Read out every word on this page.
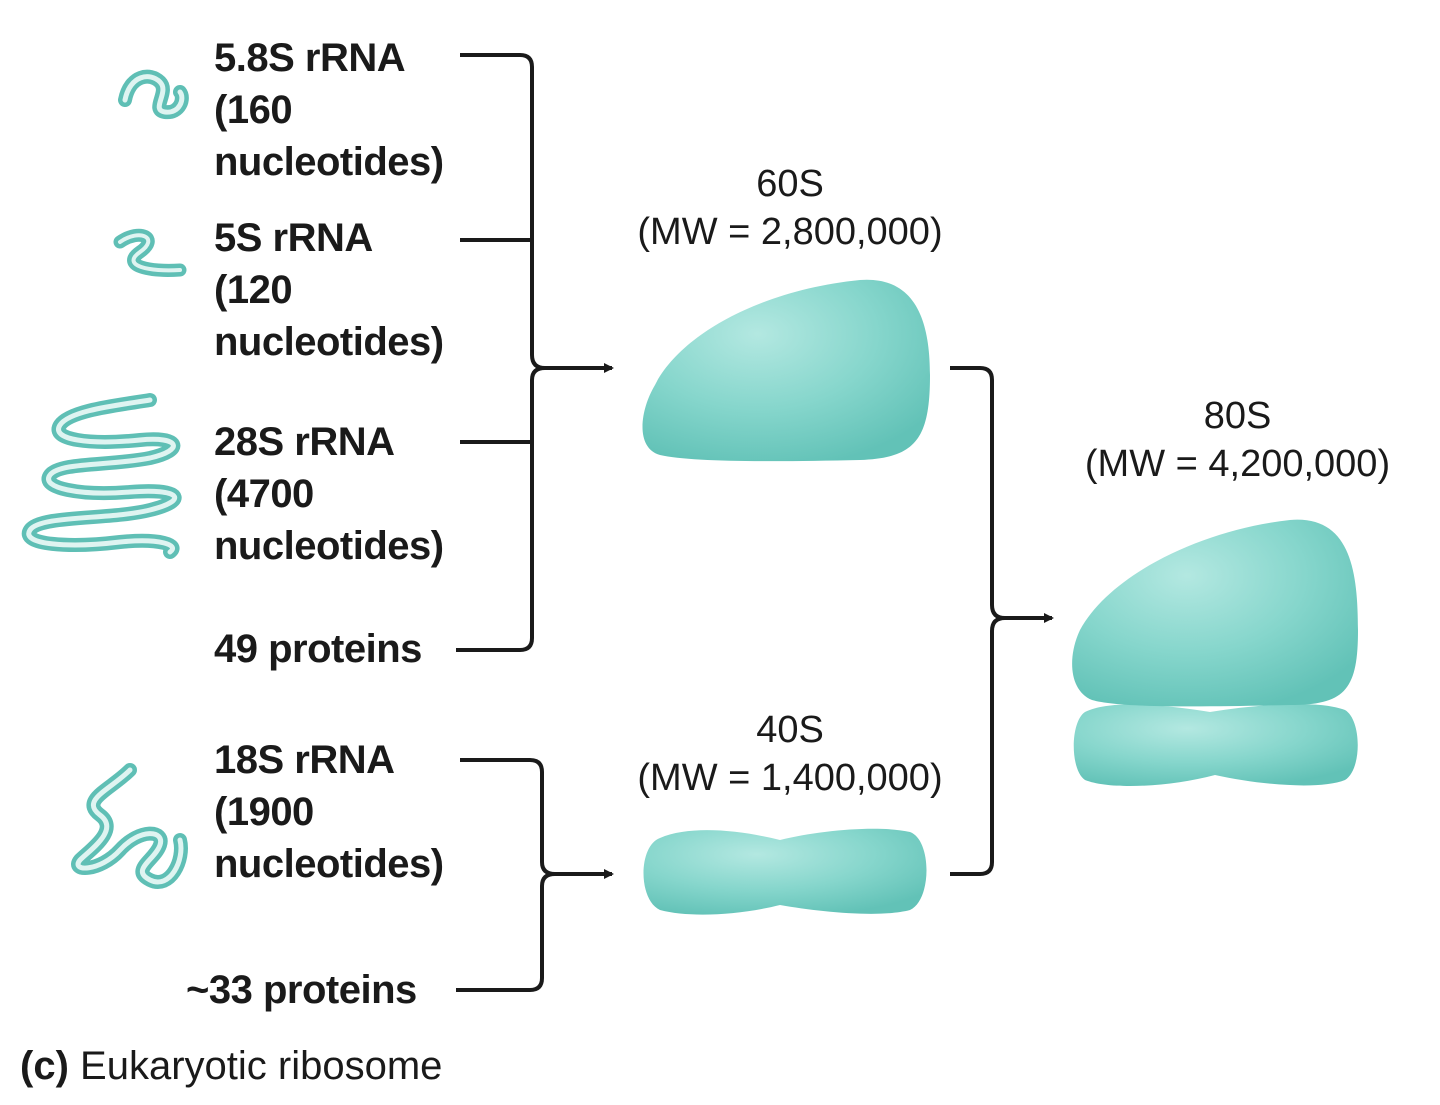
5.8S rRNA
(160
nucleotides)

5S rRNA
(120
nucleotides)

28S rRNA
(4700
nucleotides)

49 proteins

18S rRNA
(1900
nucleotides)

~33 proteins

60S
(MW = 2,800,000)
40S
(MW = 1,400,000)
80S
(MW = 4,200,000)

(c) Eukaryotic ribosome
